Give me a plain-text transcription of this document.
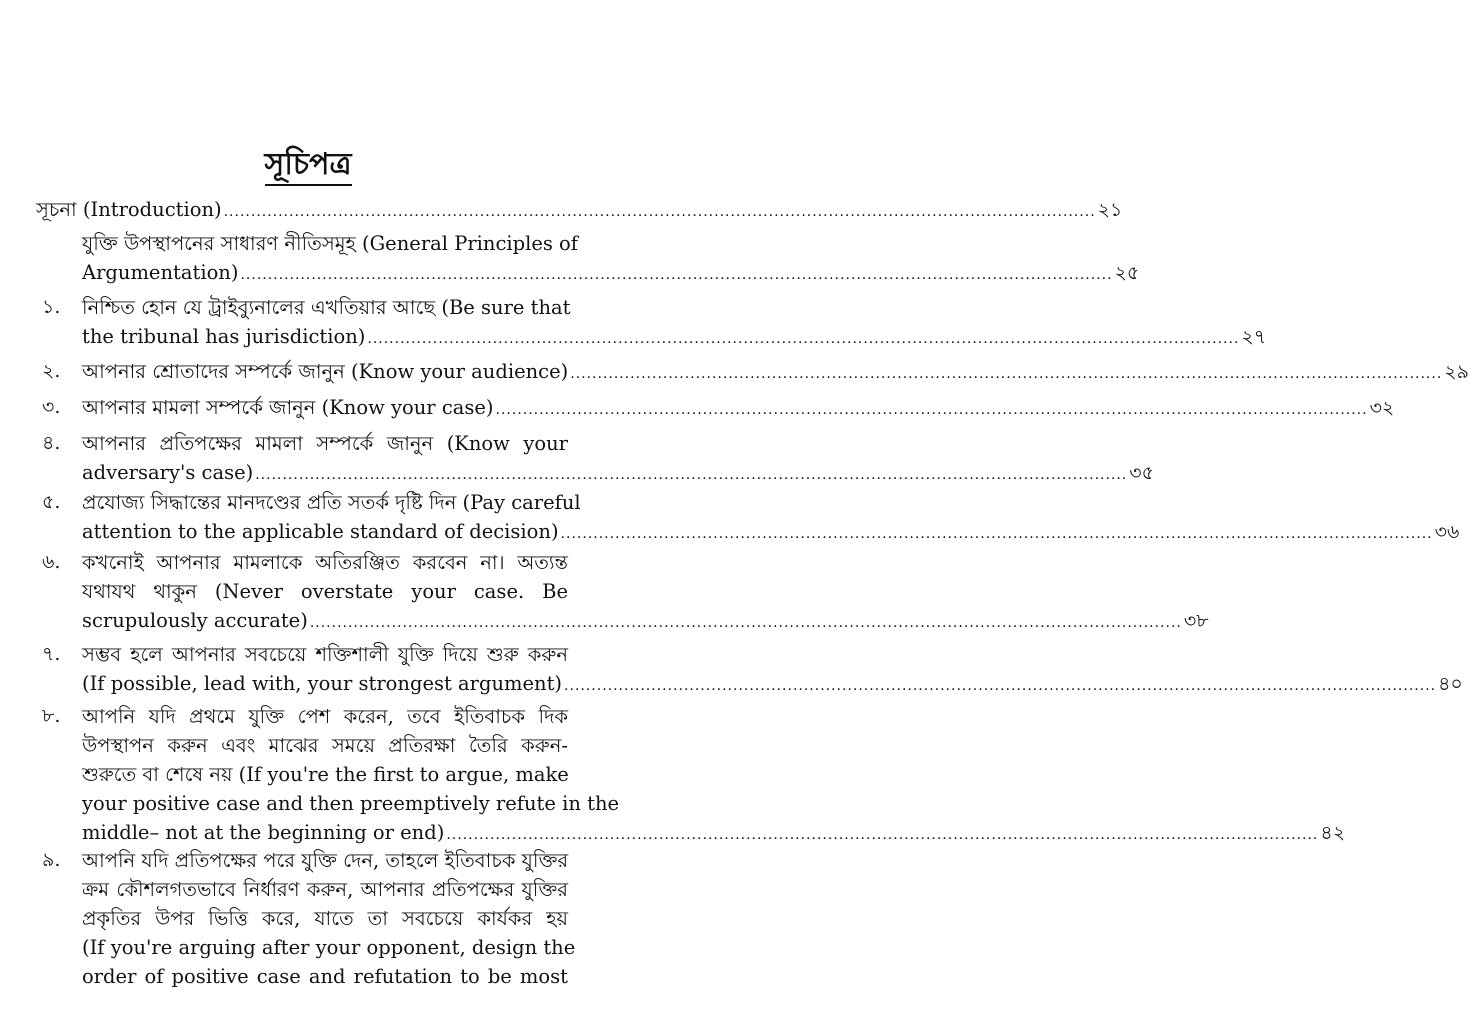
সূচিপত্র
সূচনা (Introduction) .....	২১
যুক্তি উপস্থাপনের সাধারণ নীতিসমূহ (General Principles of
Argumentation) .....	২৫
১. নিশ্চিত হোন যে ট্রাইব্যুনালের এখতিয়ার আছে (Be sure that
the tribunal has jurisdiction) .....	২৭
২. আপনার শ্রোতাদের সম্পর্কে জানুন (Know your audience) .....	২৯
৩. আপনার মামলা সম্পর্কে জানুন (Know your case) .....	৩২
৪. আপনার প্রতিপক্ষের মামলা সম্পর্কে জানুন (Know your
adversary's case) .....	৩৫
৫. প্রযোজ্য সিদ্ধান্তের মানদণ্ডের প্রতি সতর্ক দৃষ্টি দিন (Pay careful
attention to the applicable standard of decision) .....	৩৬
৬. কখনোই আপনার মামলাকে অতিরঞ্জিত করবেন না। অত্যন্ত
যথাযথ থাকুন (Never overstate your case. Be
scrupulously accurate) .....	৩৮
৭. সম্ভব হলে আপনার সবচেয়ে শক্তিশালী যুক্তি দিয়ে শুরু করুন
(If possible, lead with, your strongest argument) .....	৪০
৮. আপনি যদি প্রথমে যুক্তি পেশ করেন, তবে ইতিবাচক দিক
উপস্থাপন করুন এবং মাঝের সময়ে প্রতিরক্ষা তৈরি করুন-
শুরুতে বা শেষে নয় (If you're the first to argue, make
your positive case and then preemptively refute in the
middle– not at the beginning or end) .....	৪২
৯. আপনি যদি প্রতিপক্ষের পরে যুক্তি দেন, তাহলে ইতিবাচক যুক্তির
ক্রম কৌশলগতভাবে নির্ধারণ করুন, আপনার প্রতিপক্ষের যুক্তির
প্রকৃতির উপর ভিত্তি করে, যাতে তা সবচেয়ে কার্যকর হয়
(If you're arguing after your opponent, design the
order of positive case and refutation to be most
